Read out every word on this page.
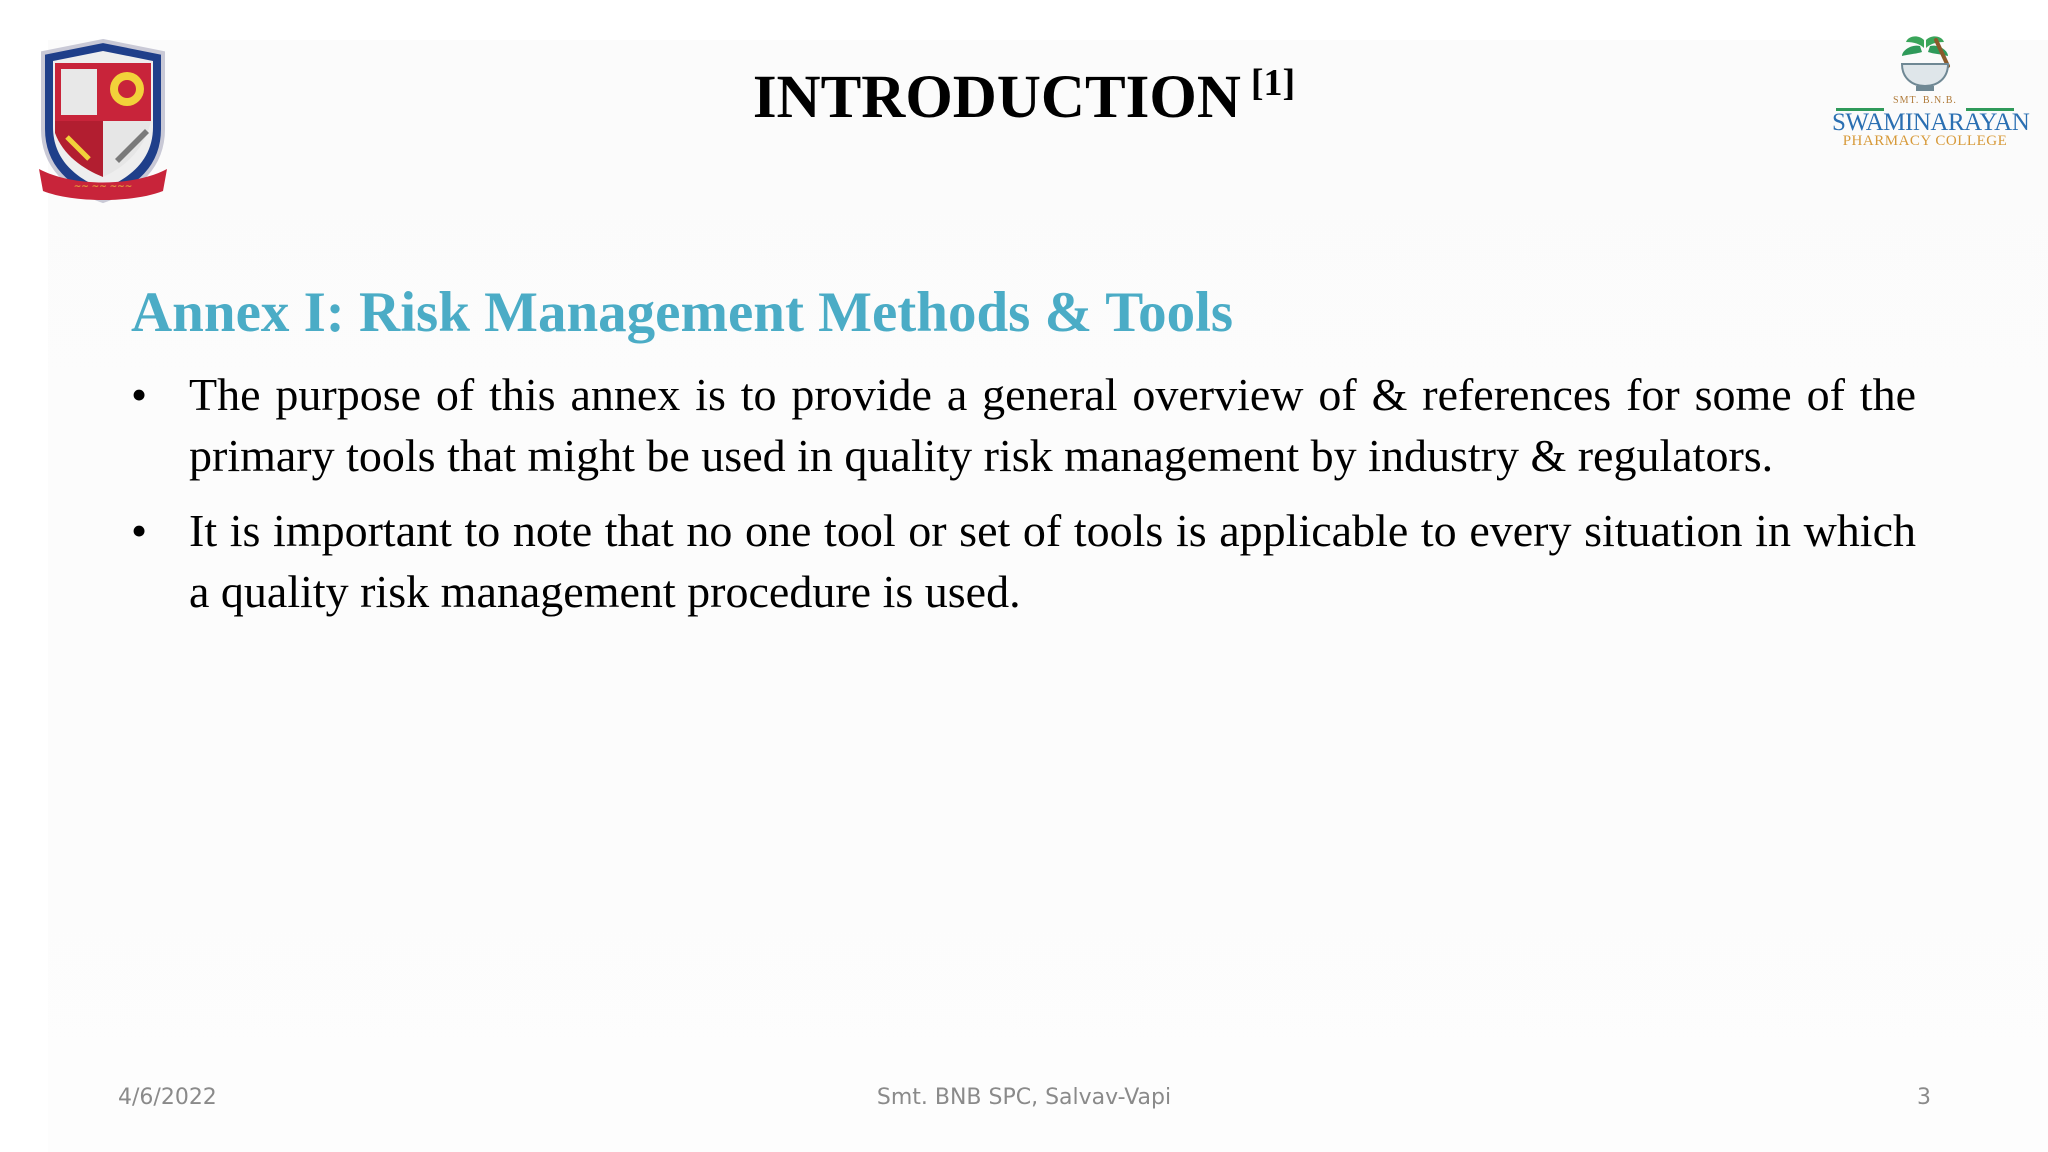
~~ ~~ ~~~
SMT. B.N.B.
SWAMINARAYAN
PHARMACY COLLEGE
INTRODUCTION [1]
Annex I: Risk Management Methods & Tools
• The purpose of this annex is to provide a general overview of & references for some of the primary tools that might be used in quality risk management by industry & regulators.
• It is important to note that no one tool or set of tools is applicable to every situation in which a quality risk management procedure is used.
4/6/2022	Smt. BNB SPC, Salvav-Vapi	3
